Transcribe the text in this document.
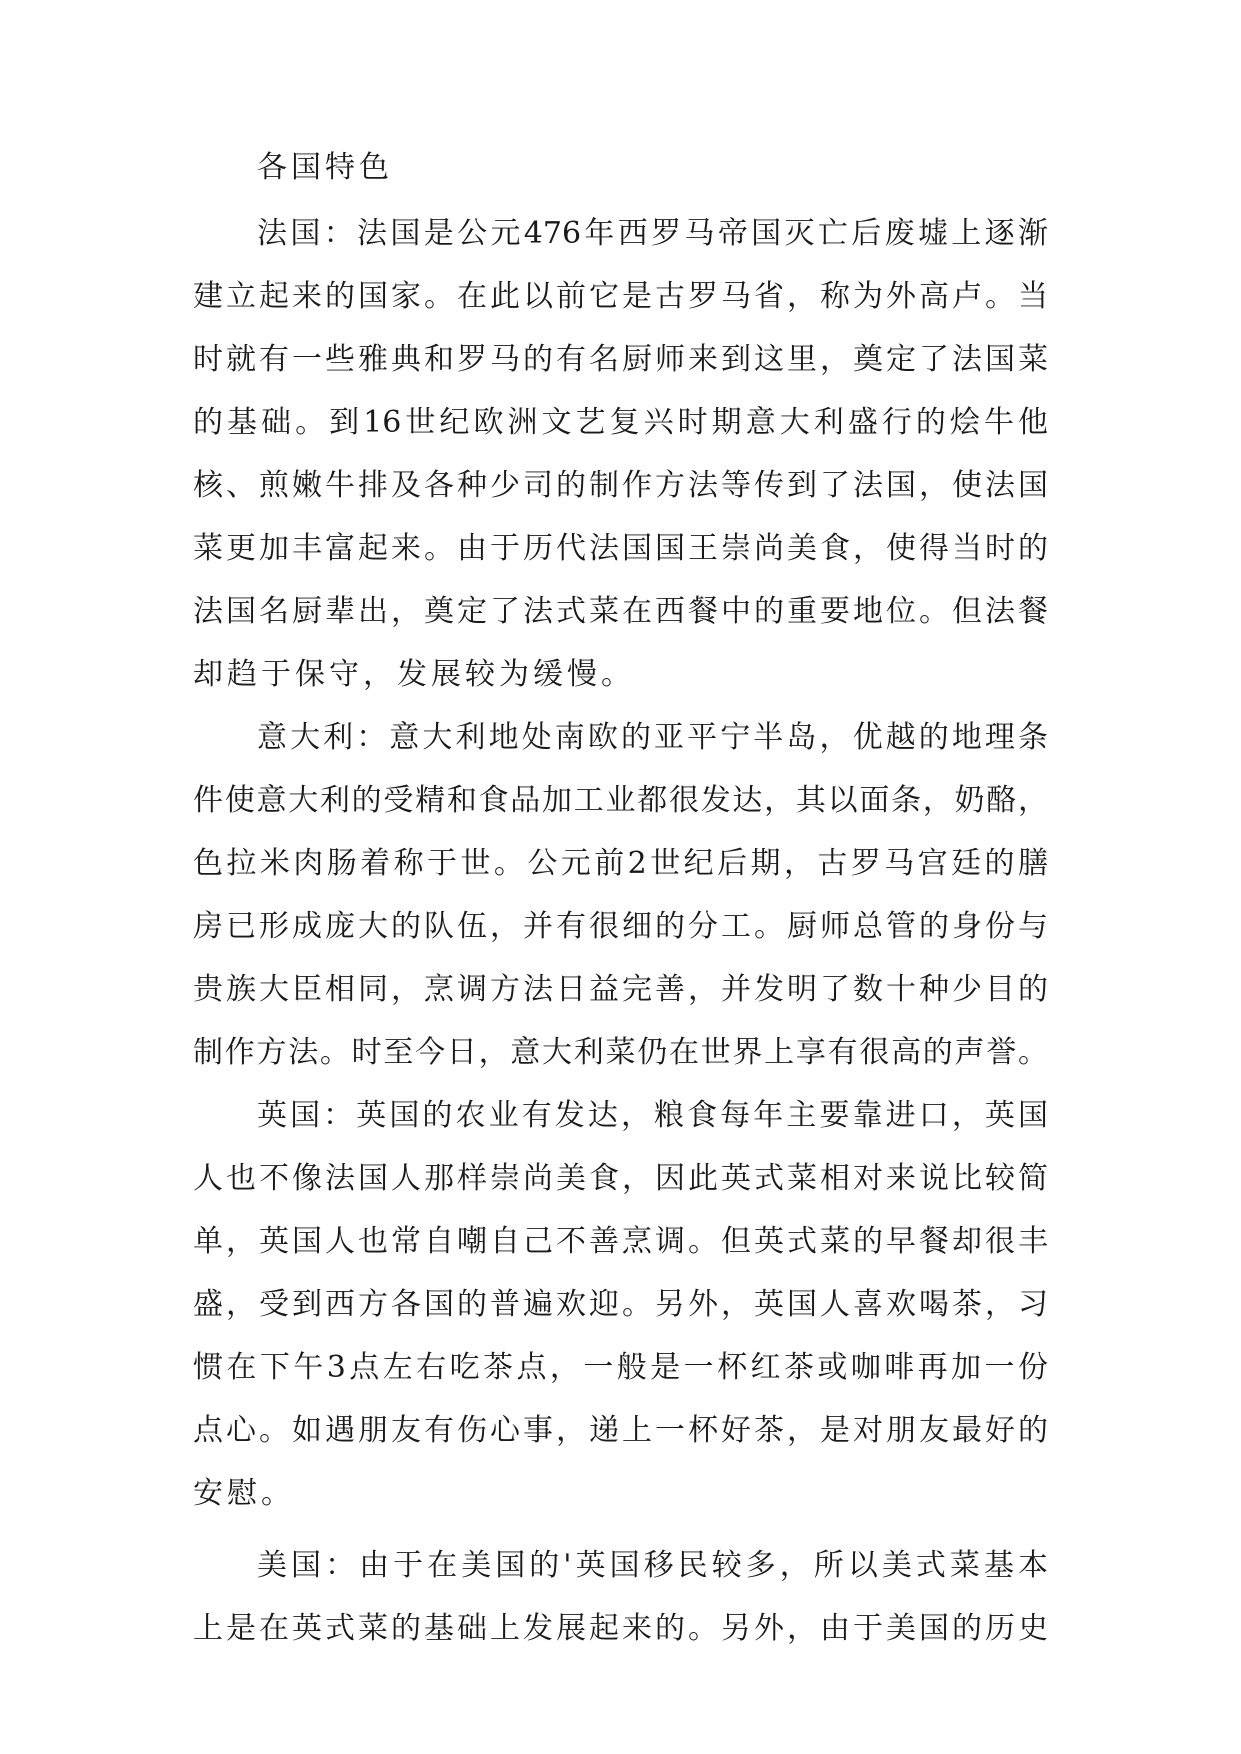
各国特色
法国：法国是公元476年西罗马帝国灭亡后废墟上逐渐
建立起来的国家。在此以前它是古罗马省，称为外高卢。当
时就有一些雅典和罗马的有名厨师来到这里，奠定了法国菜
的基础。到16世纪欧洲文艺复兴时期意大利盛行的烩牛他
核、煎嫩牛排及各种少司的制作方法等传到了法国，使法国
菜更加丰富起来。由于历代法国国王崇尚美食，使得当时的
法国名厨辈出，奠定了法式菜在西餐中的重要地位。但法餐
却趋于保守，发展较为缓慢。
意大利：意大利地处南欧的亚平宁半岛，优越的地理条
件使意大利的受精和食品加工业都很发达，其以面条，奶酪，
色拉米肉肠着称于世。公元前2世纪后期，古罗马宫廷的膳
房已形成庞大的队伍，并有很细的分工。厨师总管的身份与
贵族大臣相同，烹调方法日益完善，并发明了数十种少目的
制作方法。时至今日，意大利菜仍在世界上享有很高的声誉。
英国：英国的农业有发达，粮食每年主要靠进口，英国
人也不像法国人那样崇尚美食，因此英式菜相对来说比较简
单，英国人也常自嘲自己不善烹调。但英式菜的早餐却很丰
盛，受到西方各国的普遍欢迎。另外，英国人喜欢喝茶，习
惯在下午3点左右吃茶点，一般是一杯红茶或咖啡再加一份
点心。如遇朋友有伤心事，递上一杯好茶，是对朋友最好的
安慰。
美国：由于在美国的'英国移民较多，所以美式菜基本
上是在英式菜的基础上发展起来的。另外，由于美国的历史
